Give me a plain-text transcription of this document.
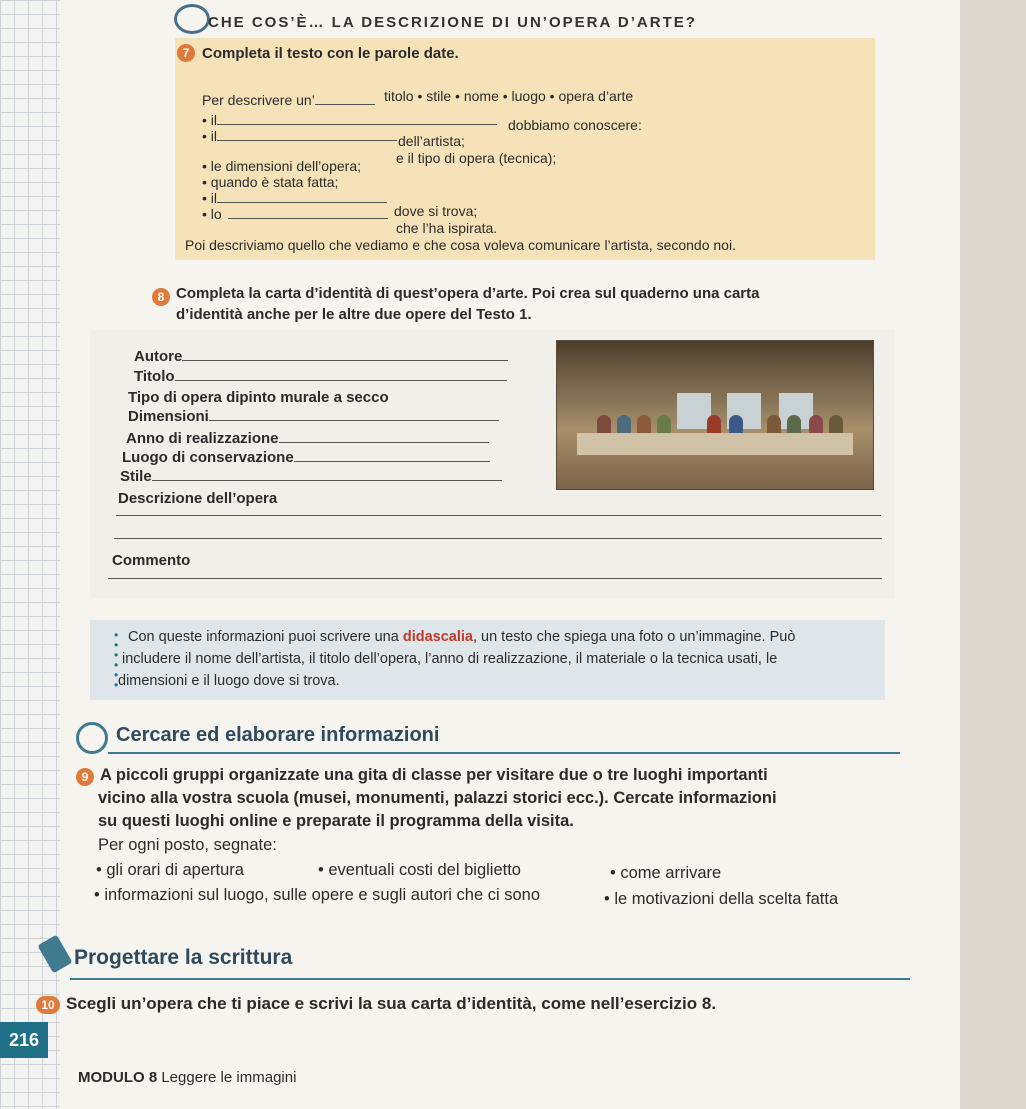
CHE COS’È… LA DESCRIZIONE DI UN’OPERA D’ARTE?
7 Completa il testo con le parole date.
titolo • stile • nome • luogo • opera d’arte
Per descrivere un’
• il	dobbiamo conoscere:
• il	dell’artista;
e il tipo di opera (tecnica);
• le dimensioni dell’opera;
• quando è stata fatta;
• il
• lo	dove si trova;
che l’ha ispirata.
Poi descriviamo quello che vediamo e che cosa voleva comunicare l’artista, secondo noi.
8 Completa la carta d’identità di quest’opera d’arte. Poi crea sul quaderno una carta
d’identità anche per le altre due opere del Testo 1.
Autore
Titolo
Tipo di opera dipinto murale a secco
Dimensioni
Anno di realizzazione
Luogo di conservazione
Stile
Descrizione dell’opera
Commento
•
•
•
•
•
•
Con queste informazioni puoi scrivere una didascalia, un testo che spiega una foto o un’immagine. Può
includere il nome dell’artista, il titolo dell’opera, l’anno di realizzazione, il materiale o la tecnica usati, le
dimensioni e il luogo dove si trova.
Cercare ed elaborare informazioni
9 A piccoli gruppi organizzate una gita di classe per visitare due o tre luoghi importanti
vicino alla vostra scuola (musei, monumenti, palazzi storici ecc.). Cercate informazioni
su questi luoghi online e preparate il programma della visita.
Per ogni posto, segnate:
• gli orari di apertura	• eventuali costi del biglietto	• come arrivare
• informazioni sul luogo, sulle opere e sugli autori che ci sono	• le motivazioni della scelta fatta
Progettare la scrittura
10 Scegli un’opera che ti piace e scrivi la sua carta d’identità, come nell’esercizio 8.
216
MODULO 8 Leggere le immagini
